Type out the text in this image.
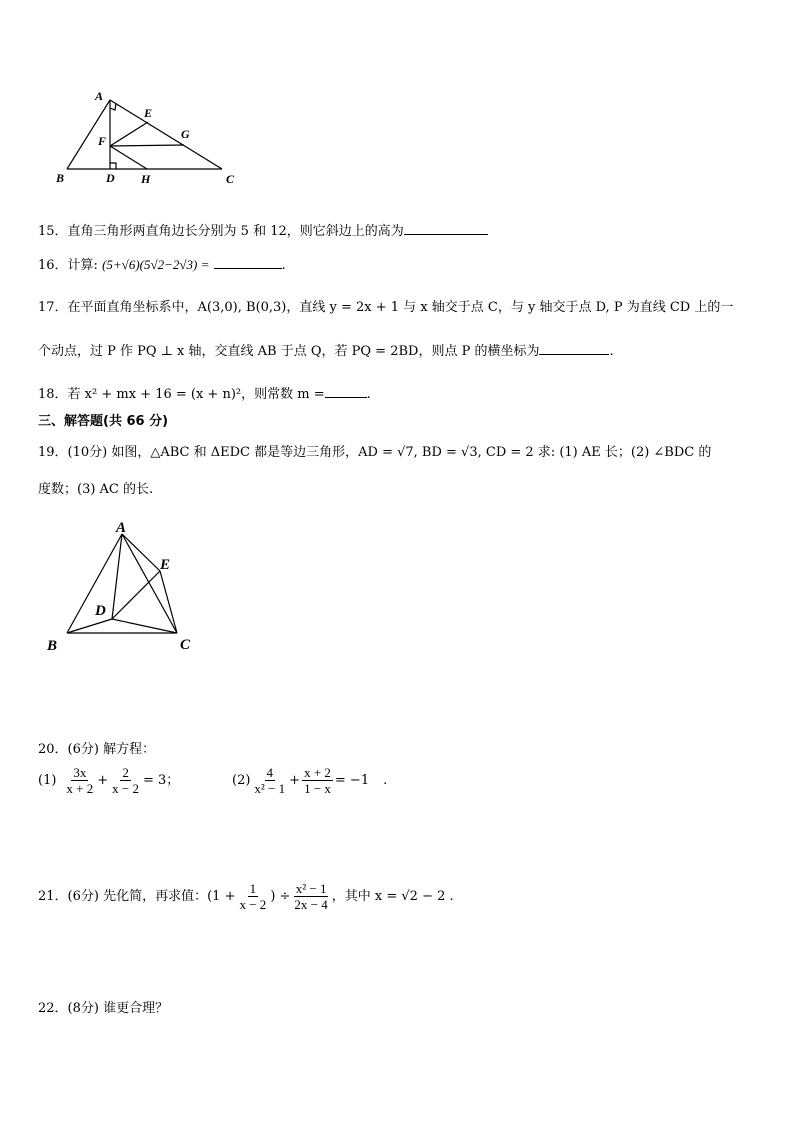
A
E
G
F
B	D H	C
15．直角三角形两直角边长分别为 5 和 12，则它斜边上的高为
16．计算: (5+√6)(5√2−2√3) =	.
17．在平面直角坐标系中，A(3,0), B(0,3)，直线 y = 2x + 1 与 x 轴交于点 C，与 y 轴交于点 D, P 为直线 CD 上的一
个动点，过 P 作 PQ ⊥ x 轴，交直线 AB 于点 Q，若 PQ = 2BD，则点 P 的横坐标为	.
18．若 x² + mx + 16 = (x + n)²，则常数 m =	.
三、解答题(共 66 分)
19．(10分) 如图，△ABC 和 ΔEDC 都是等边三角形，AD = √7, BD = √3, CD = 2 求: (1) AE 长；(2) ∠BDC 的
度数；(3) AC 的长.
A
E
D
B	C
20．(6分) 解方程：
$(1) \frac{3x}{x + 2} + \frac{2}{x - 2} = 3$；	$(2) \frac{4}{\text{x² − 1}} + \frac{x + 2}{1 - x} = -1$ .
21．(6分) 先化简，再求值：($1 + \frac{1}{x - 2}$ ) ÷ $\frac{\text{x² − 1}}{2x - 4}$ ，其中 x = √2 − 2 .
22．(8分) 谁更合理？
